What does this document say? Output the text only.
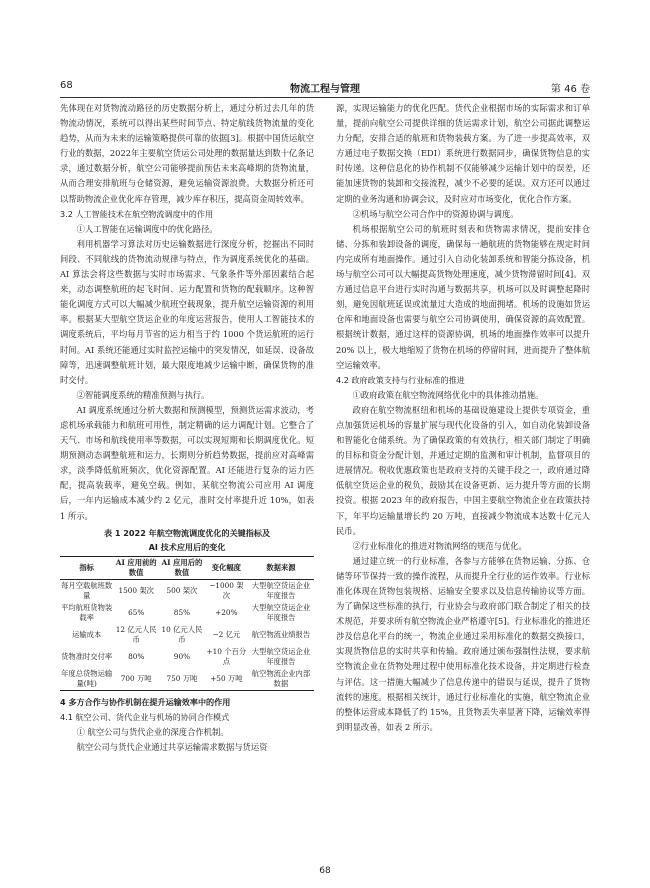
68	物流工程与管理	第 46 卷

先体现在对货物流动路径的历史数据分析上，通过分析过去几年的货物流动情况，系统可以得出某些时间节点、特定航线货物流量的变化趋势，从而为未来的运输策略提供可靠的依据[3]。根据中国货运航空行业的数据，2022年主要航空货运公司处理的数据量达到数十亿条记录，通过数据分析，航空公司能够提前预估未来高峰期的货物流量，从而合理安排航班与仓储资源，避免运输资源浪费。大数据分析还可以帮助物流企业优化库存管理，减少库存积压，提高资金周转效率。

3.2 人工智能技术在航空物流调度中的作用

①人工智能在运输调度中的优化路径。

利用机器学习算法对历史运输数据进行深度分析，挖掘出不同时间段、不同航线的货物流动规律与特点，作为调度系统优化的基础。AI 算法会将这些数据与实时市场需求、气象条件等外部因素结合起来，动态调整航班的起飞时间、运力配置和货物的配载顺序。这种智能化调度方式可以大幅减少航班空载现象，提升航空运输资源的利用率。根据某大型航空货运企业的年度运营报告，使用人工智能技术的调度系统后，平均每月节省的运力相当于约 1000 个货运航班的运行时间。AI 系统还能通过实时监控运输中的突发情况，如延误、设备故障等，迅速调整航班计划，最大限度地减少运输中断，确保货物的准时交付。

②智能调度系统的精准预测与执行。

AI 调度系统通过分析大数据和预测模型，预测货运需求波动，考虑机场承载能力和航班可用性，制定精确的运力调配计划。它整合了天气、市场和航线使用率等数据，可以实现短期和长期调度优化。短期预测动态调整航班和运力，长期则分析趋势数据，提前应对高峰需求，淡季降低航班频次，优化资源配置。AI 还能进行复杂的运力匹配，提高装载率，避免空载。例如，某航空物流公司应用 AI 调度后，一年内运输成本减少约 2 亿元，准时交付率提升近 10%，如表 1 所示。

表 1 2022 年航空物流调度优化的关键指标及
AI 技术应用后的变化

指标	AI 应用前的数值	AI 应用后的数值	变化幅度	数据来源
每月空载航班数量	1500 架次	500 架次	−1000 架次	大型航空货运企业年度报告
平均航班货物装载率	65%	85%	+20%	大型航空货运企业年度报告
运输成本	12 亿元人民币	10 亿元人民币	−2 亿元	航空物流业绩报告
货物准时交付率	80%	90%	+10 个百分点	大型航空货运企业年度报告
年度总货物运输量(吨)	700 万吨	750 万吨	+50 万吨	航空物流企业内部数据

4 多方合作与协作机制在提升运输效率中的作用

4.1 航空公司、货代企业与机场的协同合作模式

① 航空公司与货代企业的深度合作机制。

航空公司与货代企业通过共享运输需求数据与货运资

源，实现运输能力的优化匹配。货代企业根据市场的实际需求和订单量，提前向航空公司提供详细的货运需求计划，航空公司据此调整运力分配，安排合适的航班和货物装载方案。为了进一步提高效率，双方通过电子数据交换（EDI）系统进行数据同步，确保货物信息的实时传递。这种信息化的协作机制不仅能够减少运输计划中的误差，还能加速货物的装卸和交接流程，减少不必要的延误。双方还可以通过定期的业务沟通和协调会议，及时应对市场变化，优化合作方案。

②机场与航空公司合作中的资源协调与调度。

机场根据航空公司的航班时刻表和货物需求情况，提前安排仓储、分拣和装卸设备的调度，确保每一趟航班的货物能够在规定时间内完成所有地面操作。通过引入自动化装卸系统和智能分拣设备，机场与航空公司可以大幅提高货物处理速度，减少货物滞留时间[4]。双方通过信息平台进行实时沟通与数据共享，机场可以及时调整起降时刻，避免因航班延误或流量过大造成的地面拥堵。机场的设施如货运仓库和地面设备也需要与航空公司协调使用，确保资源的高效配置。根据统计数据，通过这样的资源协调，机场的地面操作效率可以提升 20% 以上，极大地缩短了货物在机场的停留时间，进而提升了整体航空运输效率。

4.2 政府政策支持与行业标准的推进

①政府政策在航空物流网络优化中的具体推动措施。

政府在航空物流枢纽和机场的基础设施建设上提供专项资金，重点加强货运机场的容量扩展与现代化设备的引入，如自动化装卸设备和智能化仓储系统。为了确保政策的有效执行，相关部门制定了明确的目标和资金分配计划，并通过定期的监测和审计机制，监督项目的进展情况。税收优惠政策也是政府支持的关键手段之一，政府通过降低航空货运企业的税负，鼓励其在设备更新、运力提升等方面的长期投资。根据 2023 年的政府报告，中国主要航空物流企业在政策扶持下，年平均运输量增长约 20 万吨，直接减少物流成本达数十亿元人民币。

②行业标准化的推进对物流网络的规范与优化。

通过建立统一的行业标准，各参与方能够在货物运输、分拣、仓储等环节保持一致的操作流程，从而提升全行业的运作效率。行业标准化体现在货物包装规格、运输安全要求以及信息传输协议等方面。为了确保这些标准的执行，行业协会与政府部门联合制定了相关的技术规范，并要求所有航空物流企业严格遵守[5]。行业标准化的推进还涉及信息化平台的统一，物流企业通过采用标准化的数据交换接口，实现货物信息的实时共享和传输。政府通过颁布强制性法规，要求航空物流企业在货物处理过程中使用标准化技术设备，并定期进行检查与评估。这一措施大幅减少了信息传递中的错误与延误，提升了货物流转的速度。根据相关统计，通过行业标准化的实施，航空物流企业的整体运营成本降低了约 15%，且货物丢失率显著下降，运输效率得到明显改善，如表 2 所示。

68
